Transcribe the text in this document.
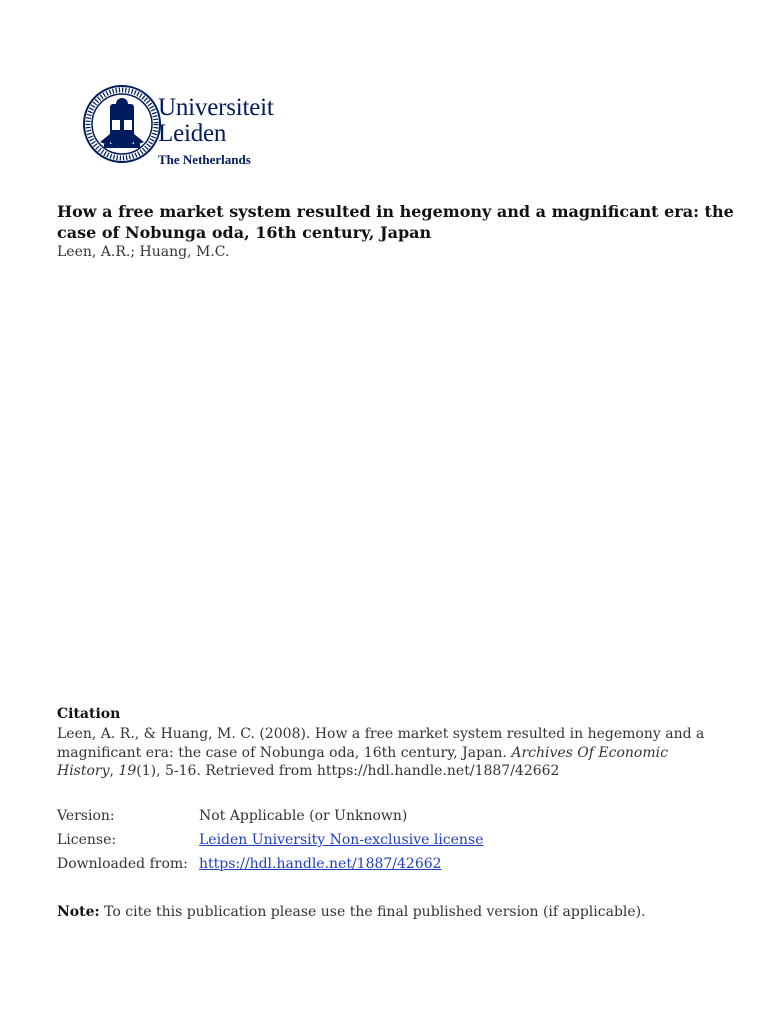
Universiteit
Leiden
The Netherlands
How a free market system resulted in hegemony and a magnificant era: the case of Nobunga oda, 16th century, Japan
Leen, A.R.; Huang, M.C.
Citation
Leen, A. R., & Huang, M. C. (2008). How a free market system resulted in hegemony and a magnificant era: the case of Nobunga oda, 16th century, Japan. Archives Of Economic History, 19(1), 5-16. Retrieved from https://hdl.handle.net/1887/42662
Version:	Not Applicable (or Unknown)
License:	Leiden University Non-exclusive license
Downloaded from: https://hdl.handle.net/1887/42662
Note: To cite this publication please use the final published version (if applicable).
